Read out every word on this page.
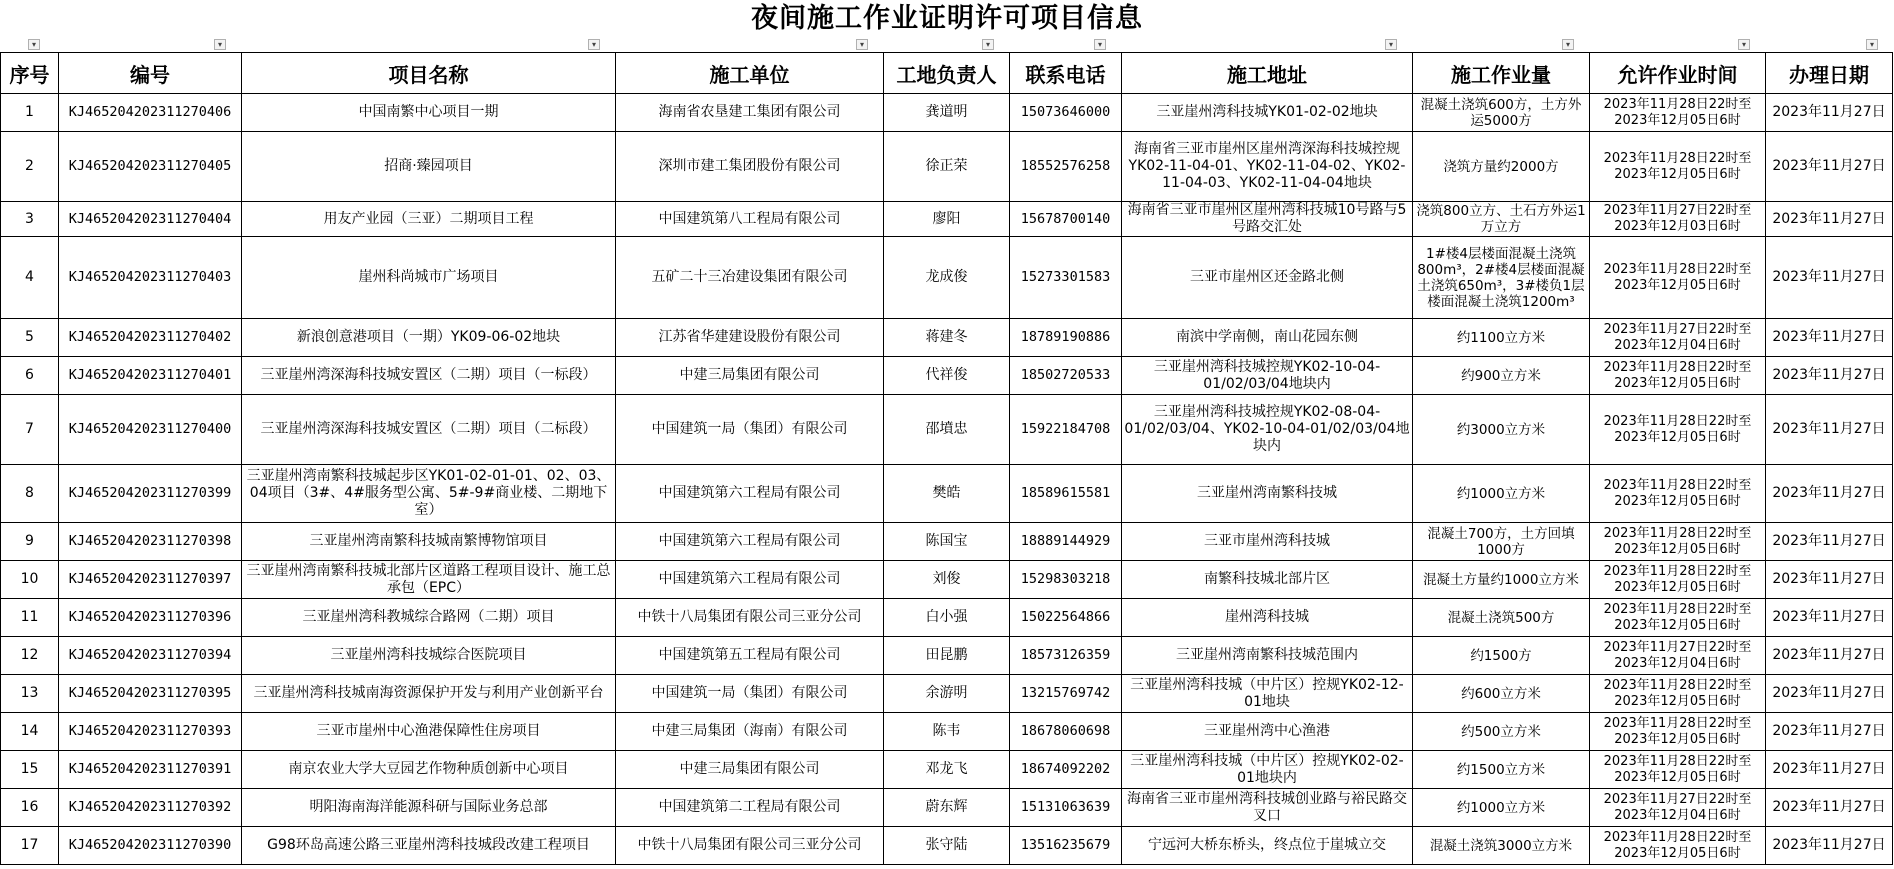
夜间施工作业证明许可项目信息
▾	▾	▾	▾	▾	▾	▾	▾	▾	▾
序号	编号	项目名称	施工单位	工地负责人	联系电话	施工地址	施工作业量	允许作业时间	办理日期
1	KJ465204202311270406	中国南繁中心项目一期	海南省农垦建工集团有限公司	龚道明	15073646000	三亚崖州湾科技城YK01-02-02地块	混凝土浇筑600方，土方外运5000方	2023年11月28日22时至2023年12月05日6时	2023年11月27日
2	KJ465204202311270405	招商·臻园项目	深圳市建工集团股份有限公司	徐正荣	18552576258	海南省三亚市崖州区崖州湾深海科技城控规YK02-11-04-01、YK02-11-04-02、YK02-11-04-03、YK02-11-04-04地块	浇筑方量约2000方	2023年11月28日22时至2023年12月05日6时	2023年11月27日
3	KJ465204202311270404	用友产业园（三亚）二期项目工程	中国建筑第八工程局有限公司	廖阳	15678700140	海南省三亚市崖州区崖州湾科技城10号路与5号路交汇处	浇筑800立方、土石方外运1万立方	2023年11月27日22时至2023年12月03日6时	2023年11月27日
4	KJ465204202311270403	崖州科尚城市广场项目	五矿二十三冶建设集团有限公司	龙成俊	15273301583	三亚市崖州区还金路北侧	1#楼4层楼面混凝土浇筑800m³，2#楼4层楼面混凝土浇筑650m³，3#楼负1层楼面混凝土浇筑1200m³	2023年11月28日22时至2023年12月05日6时	2023年11月27日
5	KJ465204202311270402	新浪创意港项目（一期）YK09-06-02地块	江苏省华建建设股份有限公司	蒋建冬	18789190886	南滨中学南侧，南山花园东侧	约1100立方米	2023年11月27日22时至2023年12月04日6时	2023年11月27日
6	KJ465204202311270401	三亚崖州湾深海科技城安置区（二期）项目（一标段）	中建三局集团有限公司	代祥俊	18502720533	三亚崖州湾科技城控规YK02-10-04-01/02/03/04地块内	约900立方米	2023年11月28日22时至2023年12月05日6时	2023年11月27日
7	KJ465204202311270400	三亚崖州湾深海科技城安置区（二期）项目（二标段）	中国建筑一局（集团）有限公司	邵墳忠	15922184708	三亚崖州湾科技城控规YK02-08-04-01/02/03/04、YK02-10-04-01/02/03/04地块内	约3000立方米	2023年11月28日22时至2023年12月05日6时	2023年11月27日
8	KJ465204202311270399	三亚崖州湾南繁科技城起步区YK01-02-01-01、02、03、04项目（3#、4#服务型公寓、5#-9#商业楼、二期地下室）	中国建筑第六工程局有限公司	樊皓	18589615581	三亚崖州湾南繁科技城	约1000立方米	2023年11月28日22时至2023年12月05日6时	2023年11月27日
9	KJ465204202311270398	三亚崖州湾南繁科技城南繁博物馆项目	中国建筑第六工程局有限公司	陈国宝	18889144929	三亚市崖州湾科技城	混凝土700方，土方回填1000方	2023年11月28日22时至2023年12月05日6时	2023年11月27日
10	KJ465204202311270397	三亚崖州湾南繁科技城北部片区道路工程项目设计、施工总承包（EPC）	中国建筑第六工程局有限公司	刘俊	15298303218	南繁科技城北部片区	混凝土方量约1000立方米	2023年11月28日22时至2023年12月05日6时	2023年11月27日
11	KJ465204202311270396	三亚崖州湾科教城综合路网（二期）项目	中铁十八局集团有限公司三亚分公司	白小强	15022564866	崖州湾科技城	混凝土浇筑500方	2023年11月28日22时至2023年12月05日6时	2023年11月27日
12	KJ465204202311270394	三亚崖州湾科技城综合医院项目	中国建筑第五工程局有限公司	田昆鹏	18573126359	三亚崖州湾南繁科技城范围内	约1500方	2023年11月27日22时至2023年12月04日6时	2023年11月27日
13	KJ465204202311270395	三亚崖州湾科技城南海资源保护开发与利用产业创新平台	中国建筑一局（集团）有限公司	余游明	13215769742	三亚崖州湾科技城（中片区）控规YK02-12-01地块	约600立方米	2023年11月28日22时至2023年12月05日6时	2023年11月27日
14	KJ465204202311270393	三亚市崖州中心渔港保障性住房项目	中建三局集团（海南）有限公司	陈韦	18678060698	三亚崖州湾中心渔港	约500立方米	2023年11月28日22时至2023年12月05日6时	2023年11月27日
15	KJ465204202311270391	南京农业大学大豆园艺作物种质创新中心项目	中建三局集团有限公司	邓龙飞	18674092202	三亚崖州湾科技城（中片区）控规YK02-02-01地块内	约1500立方米	2023年11月28日22时至2023年12月05日6时	2023年11月27日
16	KJ465204202311270392	明阳海南海洋能源科研与国际业务总部	中国建筑第二工程局有限公司	蔚东辉	15131063639	海南省三亚市崖州湾科技城创业路与裕民路交叉口	约1000立方米	2023年11月27日22时至2023年12月04日6时	2023年11月27日
17	KJ465204202311270390	G98环岛高速公路三亚崖州湾科技城段改建工程项目	中铁十八局集团有限公司三亚分公司	张守陆	13516235679	宁远河大桥东桥头，终点位于崖城立交	混凝土浇筑3000立方米	2023年11月28日22时至2023年12月05日6时	2023年11月27日
